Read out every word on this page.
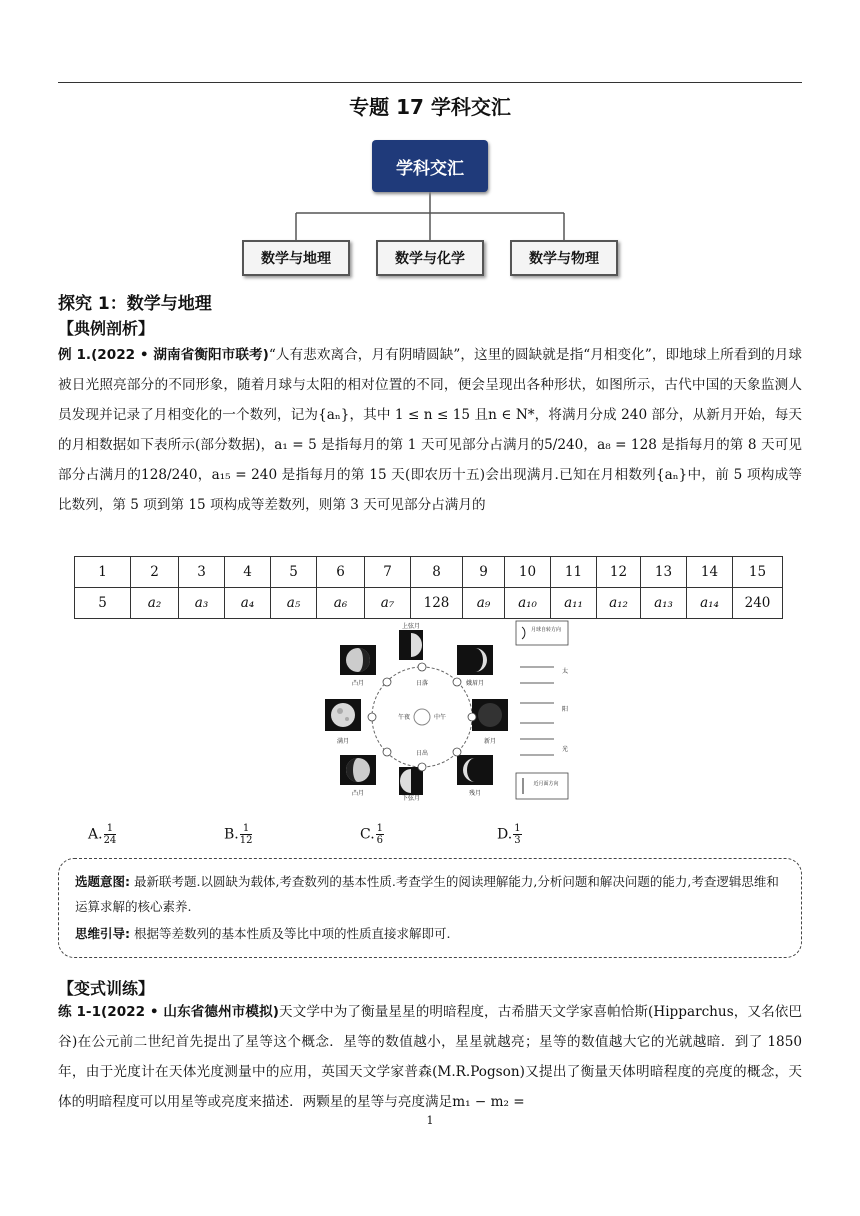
专题 17 学科交汇
学科交汇
数学与地理	数学与化学	数学与物理
探究 1：数学与地理
【典例剖析】
例 1.(2022 • 湖南省衡阳市联考)“人有悲欢离合，月有阴晴圆缺”，这里的圆缺就是指“月相变化”，即地球上所看到的月球被日光照亮部分的不同形象，随着月球与太阳的相对位置的不同，便会呈现出各种形状，如图所示，古代中国的天象监测人员发现并记录了月相变化的一个数列，记为{aₙ}，其中 1 ≤ n ≤ 15 且n ∈ N*，将满月分成 240 部分，从新月开始，每天的月相数据如下表所示(部分数据)，a₁ = 5 是指每月的第 1 天可见部分占满月的5/240，a₈ = 128 是指每月的第 8 天可见部分占满月的128/240，a₁₅ = 240 是指每月的第 15 天(即农历十五)会出现满月.已知在月相数列{aₙ}中，前 5 项构成等比数列，第 5 项到第 15 项构成等差数列，则第 3 天可见部分占满月的
1	2	3	4	5	6	7	8	9	10	11	12	13	14	15
5	a₂	a₃	a₄	a₅	a₆	a₇	128	a₉	a₁₀	a₁₁	a₁₂	a₁₃	a₁₄	240
上弦月
娥眉月
新月
残月
下弦月
凸月
满月
凸月	日落
中午
日出
午夜
月球自转方向
太
阳
光
近月面方向
A. $\frac{1}{24}$	B. $\frac{1}{12}$	C. $\frac{1}{6}$	D. $\frac{1}{3}$
选题意图: 最新联考题.以圆缺为载体,考查数列的基本性质.考查学生的阅读理解能力,分析问题和解决问题的能力,考查逻辑思维和运算求解的核心素养.
思维引导: 根据等差数列的基本性质及等比中项的性质直接求解即可.
【变式训练】
练 1-1(2022 • 山东省德州市模拟)天文学中为了衡量星星的明暗程度，古希腊天文学家喜帕恰斯(Hipparchus，又名依巴谷)在公元前二世纪首先提出了星等这个概念．星等的数值越小，星星就越亮；星等的数值越大它的光就越暗．到了 1850 年，由于光度计在天体光度测量中的应用，英国天文学家普森(M.R.Pogson)又提出了衡量天体明暗程度的亮度的概念，天体的明暗程度可以用星等或亮度来描述．两颗星的星等与亮度满足m₁ − m₂ =
1
